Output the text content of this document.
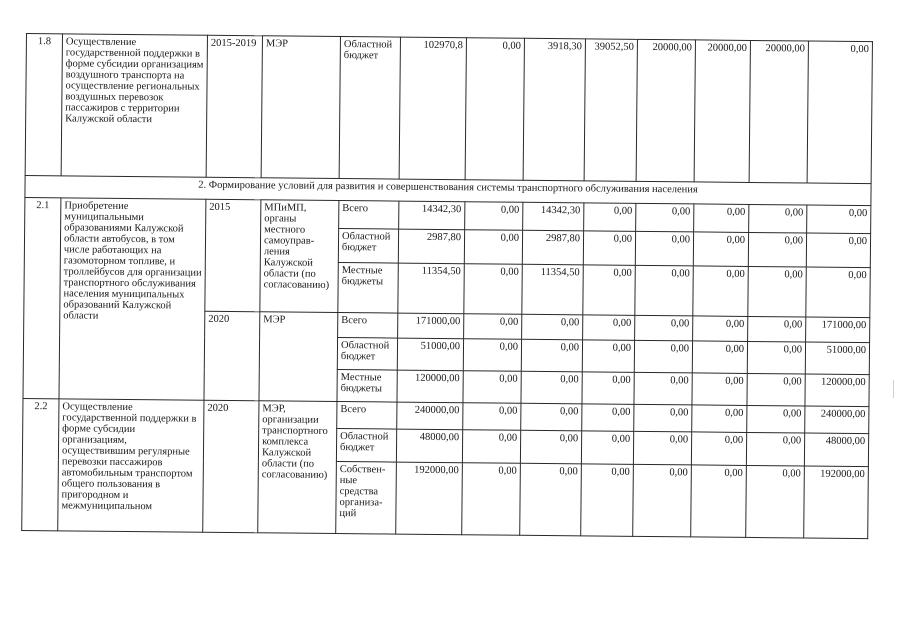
1.8	Осуществление государственной поддержки в форме субсидии организациям воздушного транспорта на осуществление региональных воздушных перевозок пассажиров с территории Калужской области	2015-2019	МЭР	Областной бюджет	102970,8	0,00	3918,30	39052,50	20000,00	20000,00	20000,00	0,00
2. Формирование условий для развития и совершенствования системы транспортного обслуживания населения												
2.1	Приобретение муниципальными образованиями Калужской области автобусов, в том числе работающих на газомоторном топливе, и троллейбусов для организации транспортного обслуживания населения муниципальных образований Калужской области	2015	МПиМП, органы местного самоуправ-ления Калужской области (по согласованию)	Всего	14342,30	0,00	14342,30	0,00	0,00	0,00	0,00	0,00
				Областной бюджет	2987,80	0,00	2987,80	0,00	0,00	0,00	0,00	0,00
				Местные бюджеты	11354,50	0,00	11354,50	0,00	0,00	0,00	0,00	0,00
		2020	МЭР	Всего	171000,00	0,00	0,00	0,00	0,00	0,00	0,00	171000,00
				Областной бюджет	51000,00	0,00	0,00	0,00	0,00	0,00	0,00	51000,00
				Местные бюджеты	120000,00	0,00	0,00	0,00	0,00	0,00	0,00	120000,00
2.2	Осуществление государственной поддержки в форме субсидии организациям, осуществившим регулярные перевозки пассажиров автомобильным транспортом общего пользования в пригородном и межмуниципальном	2020	МЭР, организации транспортного комплекса Калужской области (по согласованию)	Всего	240000,00	0,00	0,00	0,00	0,00	0,00	0,00	240000,00
				Областной бюджет	48000,00	0,00	0,00	0,00	0,00	0,00	0,00	48000,00
				Собствен-ные средства организа-ций	192000,00	0,00	0,00	0,00	0,00	0,00	0,00	192000,00
